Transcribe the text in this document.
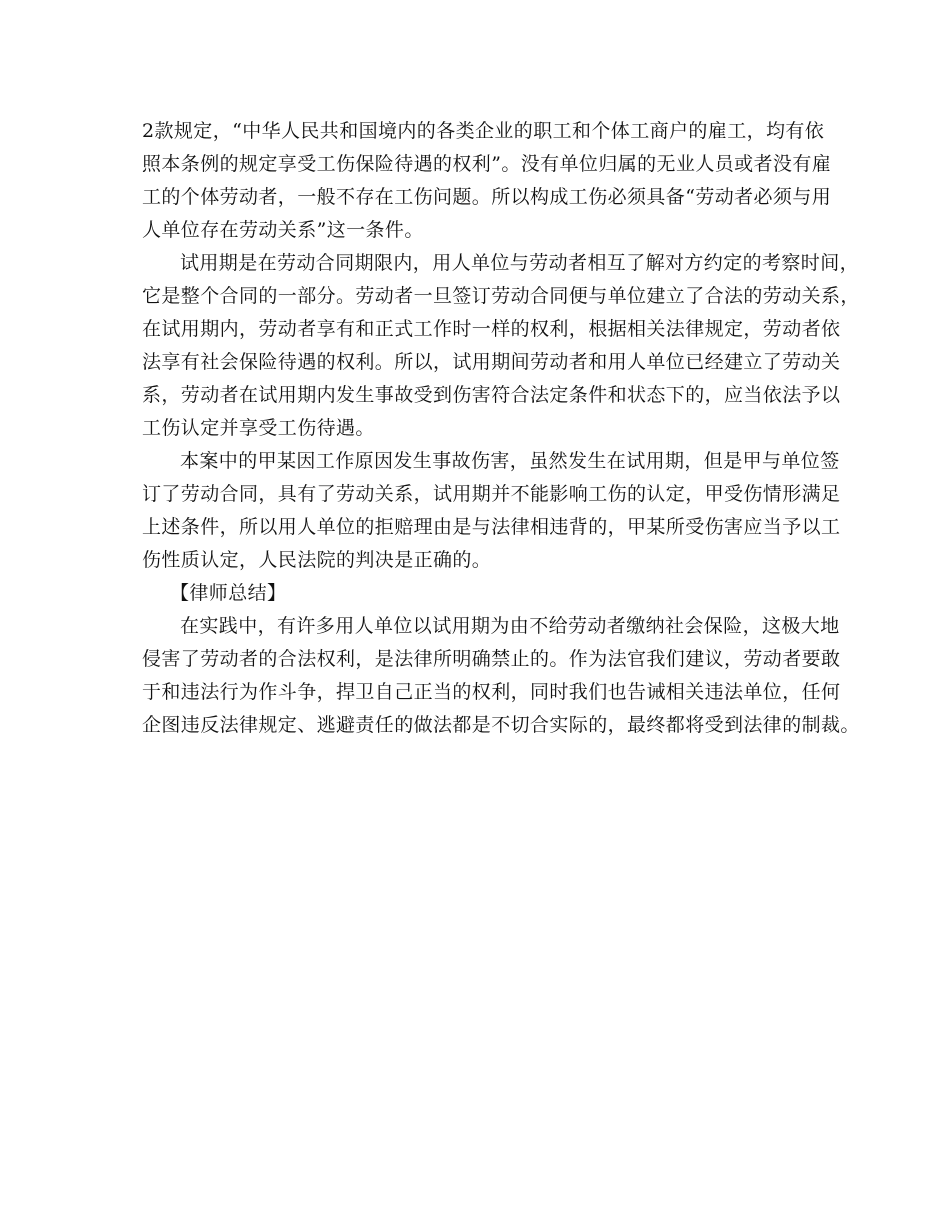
2款规定，“中华人民共和国境内的各类企业的职工和个体工商户的雇工，均有依
照本条例的规定享受工伤保险待遇的权利”。没有单位归属的无业人员或者没有雇
工的个体劳动者，一般不存在工伤问题。所以构成工伤必须具备“劳动者必须与用
人单位存在劳动关系”这一条件。
试用期是在劳动合同期限内，用人单位与劳动者相互了解对方约定的考察时间，
它是整个合同的一部分。劳动者一旦签订劳动合同便与单位建立了合法的劳动关系，
在试用期内，劳动者享有和正式工作时一样的权利，根据相关法律规定，劳动者依
法享有社会保险待遇的权利。所以，试用期间劳动者和用人单位已经建立了劳动关
系，劳动者在试用期内发生事故受到伤害符合法定条件和状态下的，应当依法予以
工伤认定并享受工伤待遇。
本案中的甲某因工作原因发生事故伤害，虽然发生在试用期，但是甲与单位签
订了劳动合同，具有了劳动关系，试用期并不能影响工伤的认定，甲受伤情形满足
上述条件，所以用人单位的拒赔理由是与法律相违背的，甲某所受伤害应当予以工
伤性质认定，人民法院的判决是正确的。
【律师总结】
在实践中，有许多用人单位以试用期为由不给劳动者缴纳社会保险，这极大地
侵害了劳动者的合法权利，是法律所明确禁止的。作为法官我们建议，劳动者要敢
于和违法行为作斗争，捍卫自己正当的权利，同时我们也告诫相关违法单位，任何
企图违反法律规定、逃避责任的做法都是不切合实际的，最终都将受到法律的制裁。
